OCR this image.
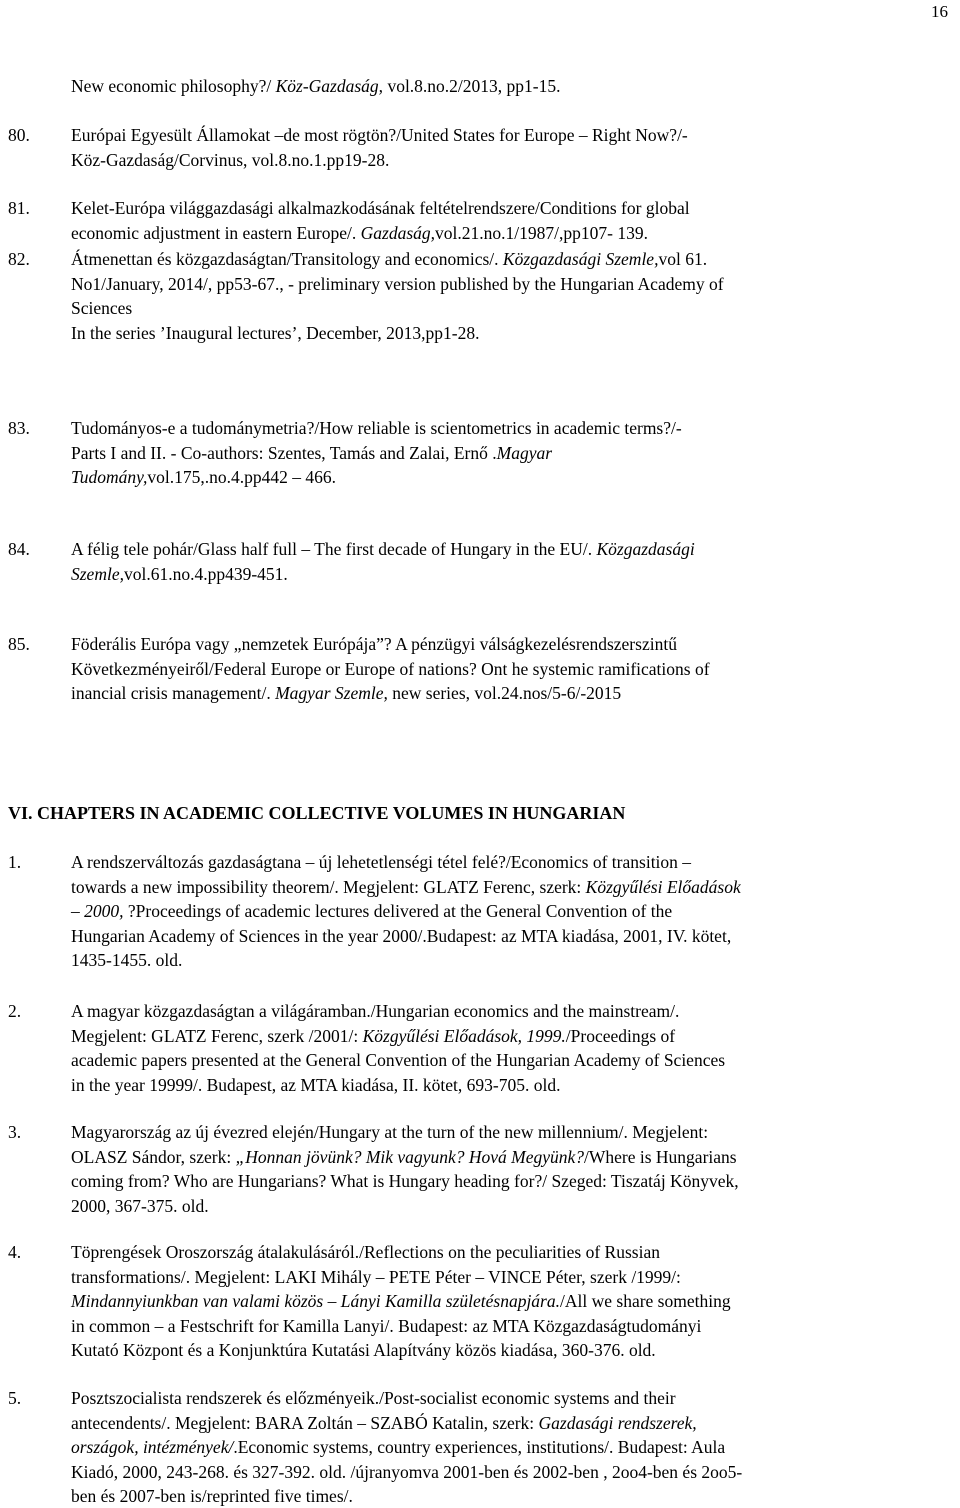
16
New economic philosophy?/ Köz-Gazdaság, vol.8.no.2/2013, pp1-15.
80. Európai Egyesült Államokat –de most rögtön?/United States for Europe – Right Now?/-
Köz-Gazdaság/Corvinus, vol.8.no.1.pp19-28.
81. Kelet-Európa világgazdasági alkalmazkodásának feltételrendszere/Conditions for global
economic adjustment in eastern Europe/. Gazdaság,vol.21.no.1/1987/,pp107- 139.
82. Átmenettan és közgazdaságtan/Transitology and economics/. Közgazdasági Szemle,vol 61.
No1/January, 2014/, pp53-67., - preliminary version published by the Hungarian Academy of
Sciences
In the series ’Inaugural lectures’, December, 2013,pp1-28.
83. Tudományos-e a tudománymetria?/How reliable is scientometrics in academic terms?/-
Parts I and II. - Co-authors: Szentes, Tamás and Zalai, Ernő .Magyar
Tudomány,vol.175,.no.4.pp442 – 466.
84. A félig tele pohár/Glass half full – The first decade of Hungary in the EU/. Közgazdasági
Szemle,vol.61.no.4.pp439-451.
85. Föderális Európa vagy „nemzetek Európája”? A pénzügyi válságkezelésrendszerszintű
Következményeiről/Federal Europe or Europe of nations? Ont he systemic ramifications of
inancial crisis management/. Magyar Szemle, new series, vol.24.nos/5-6/-2015
1.	A rendszerváltozás gazdaságtana – új lehetetlenségi tétel felé?/Economics of transition –
towards a new impossibility theorem/. Megjelent: GLATZ Ferenc, szerk: Közgyűlési Előadások
– 2000, ?Proceedings of academic lectures delivered at the General Convention of the
Hungarian Academy of Sciences in the year 2000/.Budapest: az MTA kiadása, 2001, IV. kötet,
1435-1455. old.
2.	A magyar közgazdaságtan a világáramban./Hungarian economics and the mainstream/.
Megjelent: GLATZ Ferenc, szerk /2001/: Közgyűlési Előadások, 1999./Proceedings of
academic papers presented at the General Convention of the Hungarian Academy of Sciences
in the year 19999/. Budapest, az MTA kiadása, II. kötet, 693-705. old.
3.	Magyarország az új évezred elején/Hungary at the turn of the new millennium/. Megjelent:
OLASZ Sándor, szerk: „Honnan jövünk? Mik vagyunk? Hová Megyünk?/Where is Hungarians
coming from? Who are Hungarians? What is Hungary heading for?/ Szeged: Tiszatáj Könyvek,
2000, 367-375. old.
4.	Töprengések Oroszország átalakulásáról./Reflections on the peculiarities of Russian
transformations/. Megjelent: LAKI Mihály – PETE Péter – VINCE Péter, szerk /1999/:
Mindannyiunkban van valami közös – Lányi Kamilla születésnapjára./All we share something
in common – a Festschrift for Kamilla Lanyi/. Budapest: az MTA Közgazdaságtudományi
Kutató Központ és a Konjunktúra Kutatási Alapítvány közös kiadása, 360-376. old.
5.	Posztszocialista rendszerek és előzményeik./Post-socialist economic systems and their
antecendents/. Megjelent: BARA Zoltán – SZABÓ Katalin, szerk: Gazdasági rendszerek,
országok, intézmények/.Economic systems, country experiences, institutions/. Budapest: Aula
Kiadó, 2000, 243-268. és 327-392. old. /újranyomva 2001-ben és 2002-ben , 2oo4-ben és 2oo5-
ben és 2007-ben is/reprinted five times/.
VI. CHAPTERS IN ACADEMIC COLLECTIVE VOLUMES IN HUNGARIAN
